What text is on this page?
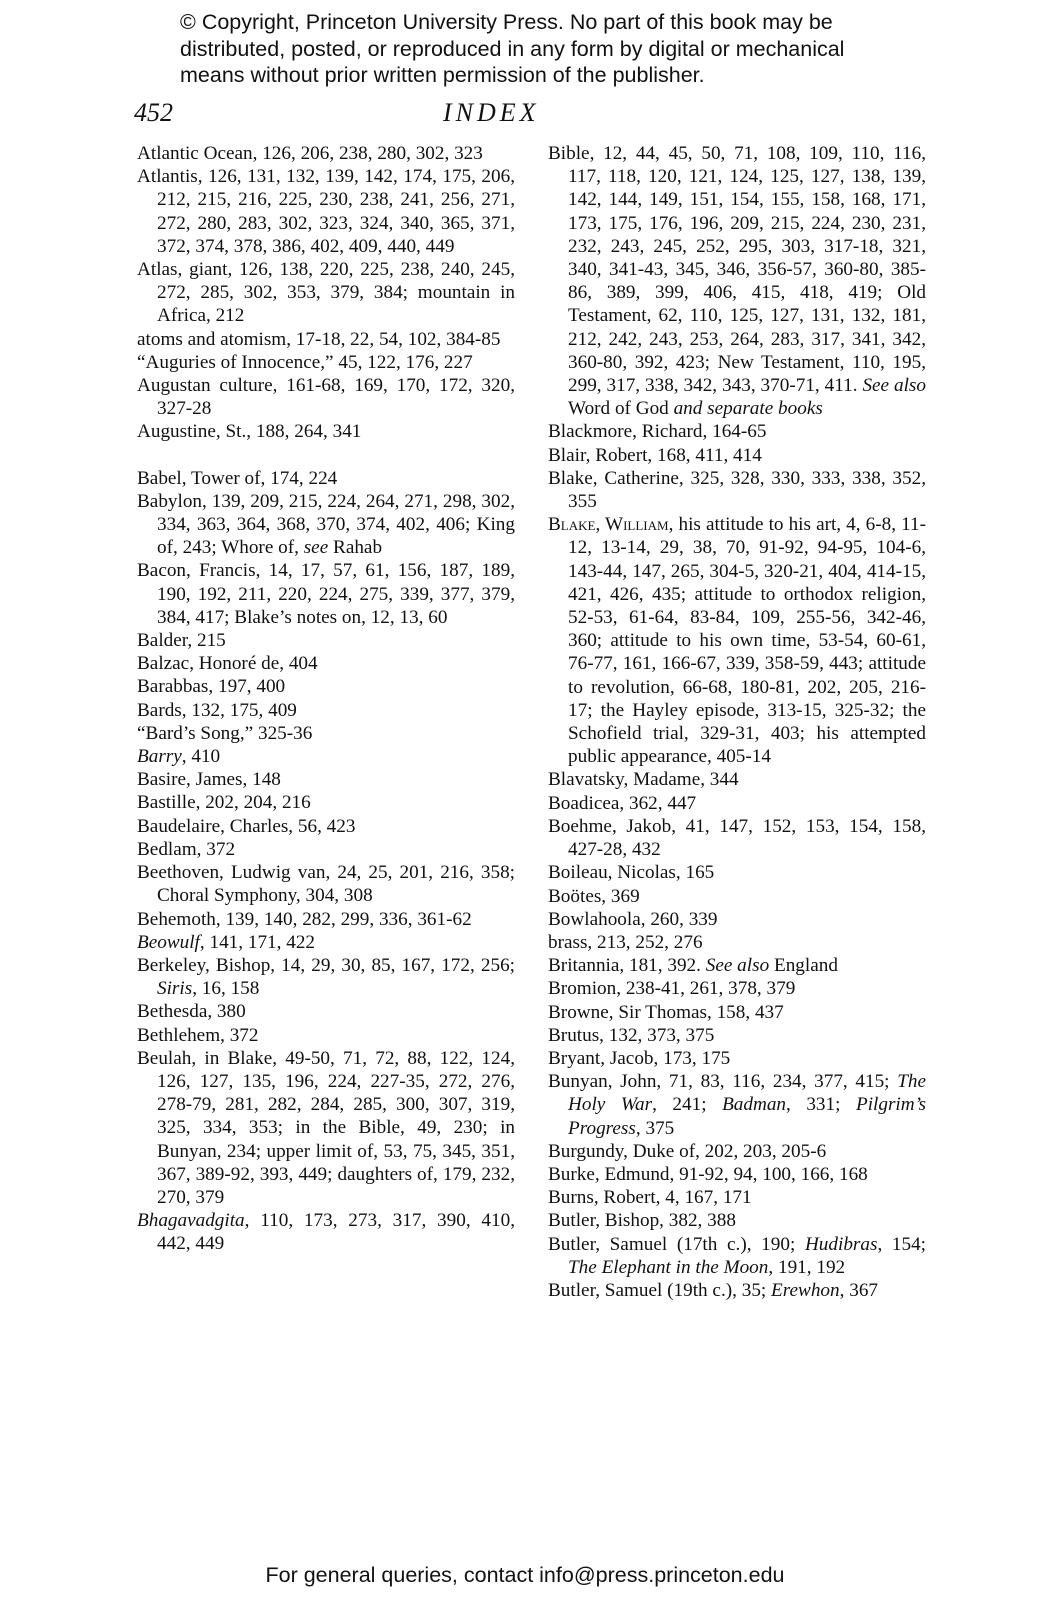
© Copyright, Princeton University Press. No part of this book may be
distributed, posted, or reproduced in any form by digital or mechanical
means without prior written permission of the publisher.
452	INDEX
Atlantic Ocean, 126, 206, 238, 280, 302, 323
Atlantis, 126, 131, 132, 139, 142, 174, 175, 206, 212, 215, 216, 225, 230, 238, 241, 256, 271, 272, 280, 283, 302, 323, 324, 340, 365, 371, 372, 374, 378, 386, 402, 409, 440, 449
Atlas, giant, 126, 138, 220, 225, 238, 240, 245, 272, 285, 302, 353, 379, 384; mountain in Africa, 212
atoms and atomism, 17-18, 22, 54, 102, 384-85
“Auguries of Innocence,” 45, 122, 176, 227
Augustan culture, 161-68, 169, 170, 172, 320, 327-28
Augustine, St., 188, 264, 341
Babel, Tower of, 174, 224
Babylon, 139, 209, 215, 224, 264, 271, 298, 302, 334, 363, 364, 368, 370, 374, 402, 406; King of, 243; Whore of, see Rahab
Bacon, Francis, 14, 17, 57, 61, 156, 187, 189, 190, 192, 211, 220, 224, 275, 339, 377, 379, 384, 417; Blake’s notes on, 12, 13, 60
Balder, 215
Balzac, Honoré de, 404
Barabbas, 197, 400
Bards, 132, 175, 409
“Bard’s Song,” 325-36
Barry, 410
Basire, James, 148
Bastille, 202, 204, 216
Baudelaire, Charles, 56, 423
Bedlam, 372
Beethoven, Ludwig van, 24, 25, 201, 216, 358; Choral Symphony, 304, 308
Behemoth, 139, 140, 282, 299, 336, 361-62
Beowulf, 141, 171, 422
Berkeley, Bishop, 14, 29, 30, 85, 167, 172, 256; Siris, 16, 158
Bethesda, 380
Bethlehem, 372
Beulah, in Blake, 49-50, 71, 72, 88, 122, 124, 126, 127, 135, 196, 224, 227-35, 272, 276, 278-79, 281, 282, 284, 285, 300, 307, 319, 325, 334, 353; in the Bible, 49, 230; in Bunyan, 234; upper limit of, 53, 75, 345, 351, 367, 389-92, 393, 449; daughters of, 179, 232, 270, 379
Bhagavadgita, 110, 173, 273, 317, 390, 410, 442, 449
Bible, 12, 44, 45, 50, 71, 108, 109, 110, 116, 117, 118, 120, 121, 124, 125, 127, 138, 139, 142, 144, 149, 151, 154, 155, 158, 168, 171, 173, 175, 176, 196, 209, 215, 224, 230, 231, 232, 243, 245, 252, 295, 303, 317-18, 321, 340, 341-43, 345, 346, 356-57, 360-80, 385-86, 389, 399, 406, 415, 418, 419; Old Testament, 62, 110, 125, 127, 131, 132, 181, 212, 242, 243, 253, 264, 283, 317, 341, 342, 360-80, 392, 423; New Testament, 110, 195, 299, 317, 338, 342, 343, 370-71, 411. See also Word of God and separate books
Blackmore, Richard, 164-65
Blair, Robert, 168, 411, 414
Blake, Catherine, 325, 328, 330, 333, 338, 352, 355
Blake, William, his attitude to his art, 4, 6-8, 11-12, 13-14, 29, 38, 70, 91-92, 94-95, 104-6, 143-44, 147, 265, 304-5, 320-21, 404, 414-15, 421, 426, 435; attitude to orthodox religion, 52-53, 61-64, 83-84, 109, 255-56, 342-46, 360; attitude to his own time, 53-54, 60-61, 76-77, 161, 166-67, 339, 358-59, 443; attitude to revolution, 66-68, 180-81, 202, 205, 216-17; the Hayley episode, 313-15, 325-32; the Schofield trial, 329-31, 403; his attempted public appearance, 405-14
Blavatsky, Madame, 344
Boadicea, 362, 447
Boehme, Jakob, 41, 147, 152, 153, 154, 158, 427-28, 432
Boileau, Nicolas, 165
Boötes, 369
Bowlahoola, 260, 339
brass, 213, 252, 276
Britannia, 181, 392. See also England
Bromion, 238-41, 261, 378, 379
Browne, Sir Thomas, 158, 437
Brutus, 132, 373, 375
Bryant, Jacob, 173, 175
Bunyan, John, 71, 83, 116, 234, 377, 415; The Holy War, 241; Badman, 331; Pilgrim’s Progress, 375
Burgundy, Duke of, 202, 203, 205-6
Burke, Edmund, 91-92, 94, 100, 166, 168
Burns, Robert, 4, 167, 171
Butler, Bishop, 382, 388
Butler, Samuel (17th c.), 190; Hudibras, 154; The Elephant in the Moon, 191, 192
Butler, Samuel (19th c.), 35; Erewhon, 367
For general queries, contact info@press.princeton.edu
